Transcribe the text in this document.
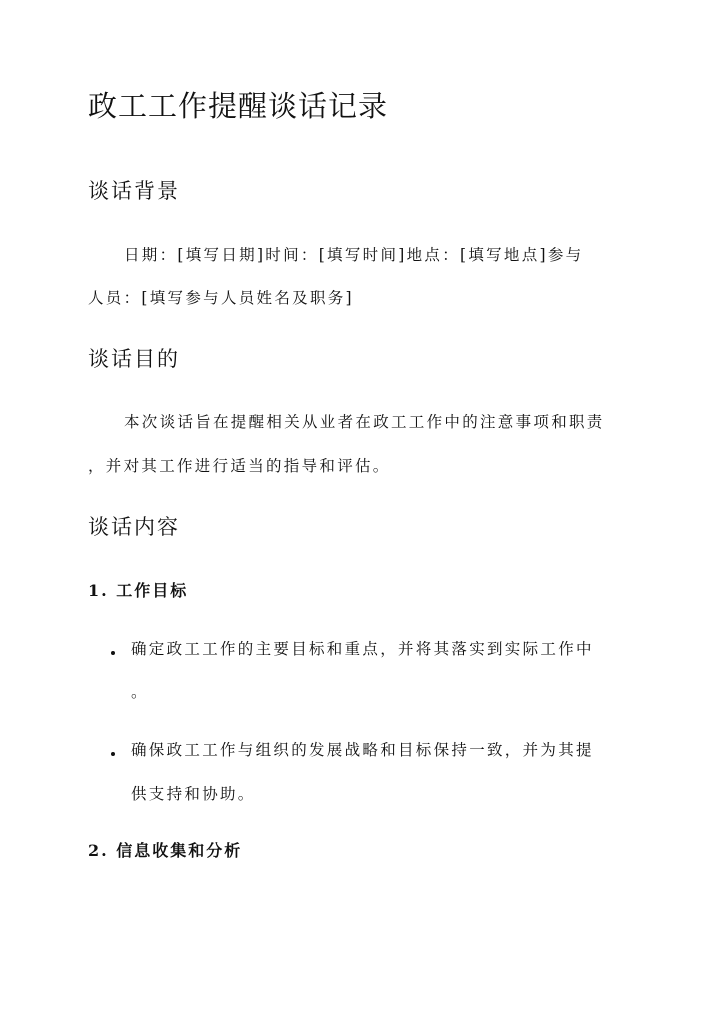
政工工作提醒谈话记录
谈话背景

日期：[填写日期]时间：[填写时间]地点：[填写地点]参与

人员：[填写参与人员姓名及职务]

谈话目的

本次谈话旨在提醒相关从业者在政工工作中的注意事项和职责

，并对其工作进行适当的指导和评估。

谈话内容
1. 工作目标

确定政工工作的主要目标和重点，并将其落实到实际工作中

。

确保政工工作与组织的发展战略和目标保持一致，并为其提

供支持和协助。

2. 信息收集和分析
